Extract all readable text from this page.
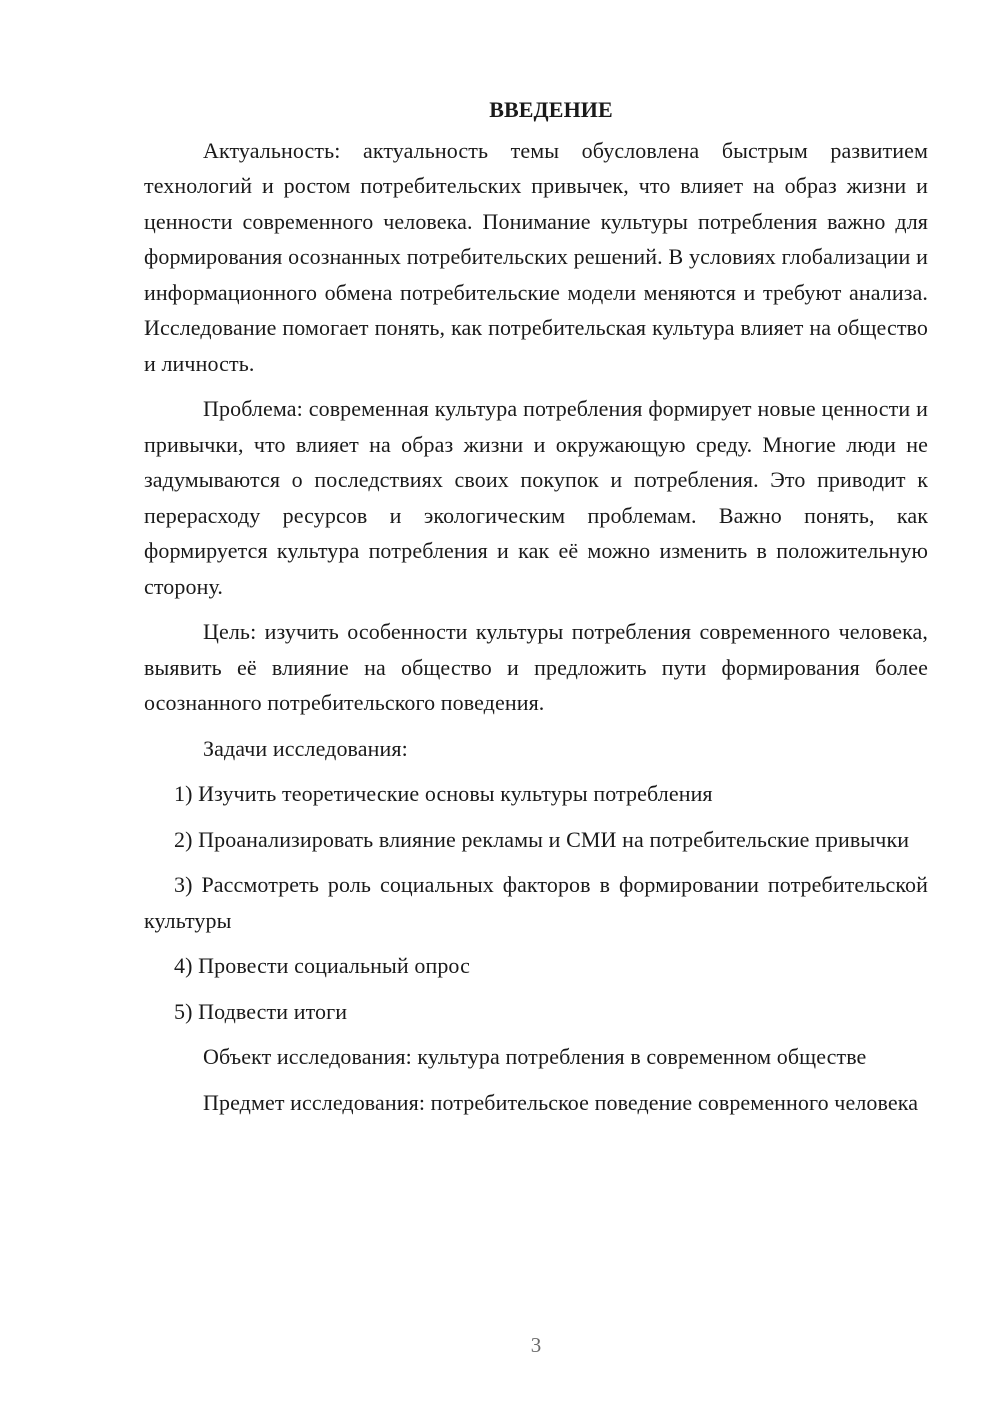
ВВЕДЕНИЕ

Актуальность: актуальность темы обусловлена быстрым развитием технологий и ростом потребительских привычек, что влияет на образ жизни и ценности современного человека. Понимание культуры потребления важно для формирования осознанных потребительских решений. В условиях глобализации и информационного обмена потребительские модели меняются и требуют анализа. Исследование помогает понять, как потребительская культура влияет на общество и личность.

Проблема: современная культура потребления формирует новые ценности и привычки, что влияет на образ жизни и окружающую среду. Многие люди не задумываются о последствиях своих покупок и потребления. Это приводит к перерасходу ресурсов и экологическим проблемам. Важно понять, как формируется культура потребления и как её можно изменить в положительную сторону.

Цель: изучить особенности культуры потребления современного человека, выявить её влияние на общество и предложить пути формирования более осознанного потребительского поведения.

Задачи исследования:

1) Изучить теоретические основы культуры потребления

2) Проанализировать влияние рекламы и СМИ на потребительские привычки

3) Рассмотреть роль социальных факторов в формировании потребительской культуры

4) Провести социальный опрос

5) Подвести итоги

Объект исследования: культура потребления в современном обществе

Предмет исследования: потребительское поведение современного человека

3
